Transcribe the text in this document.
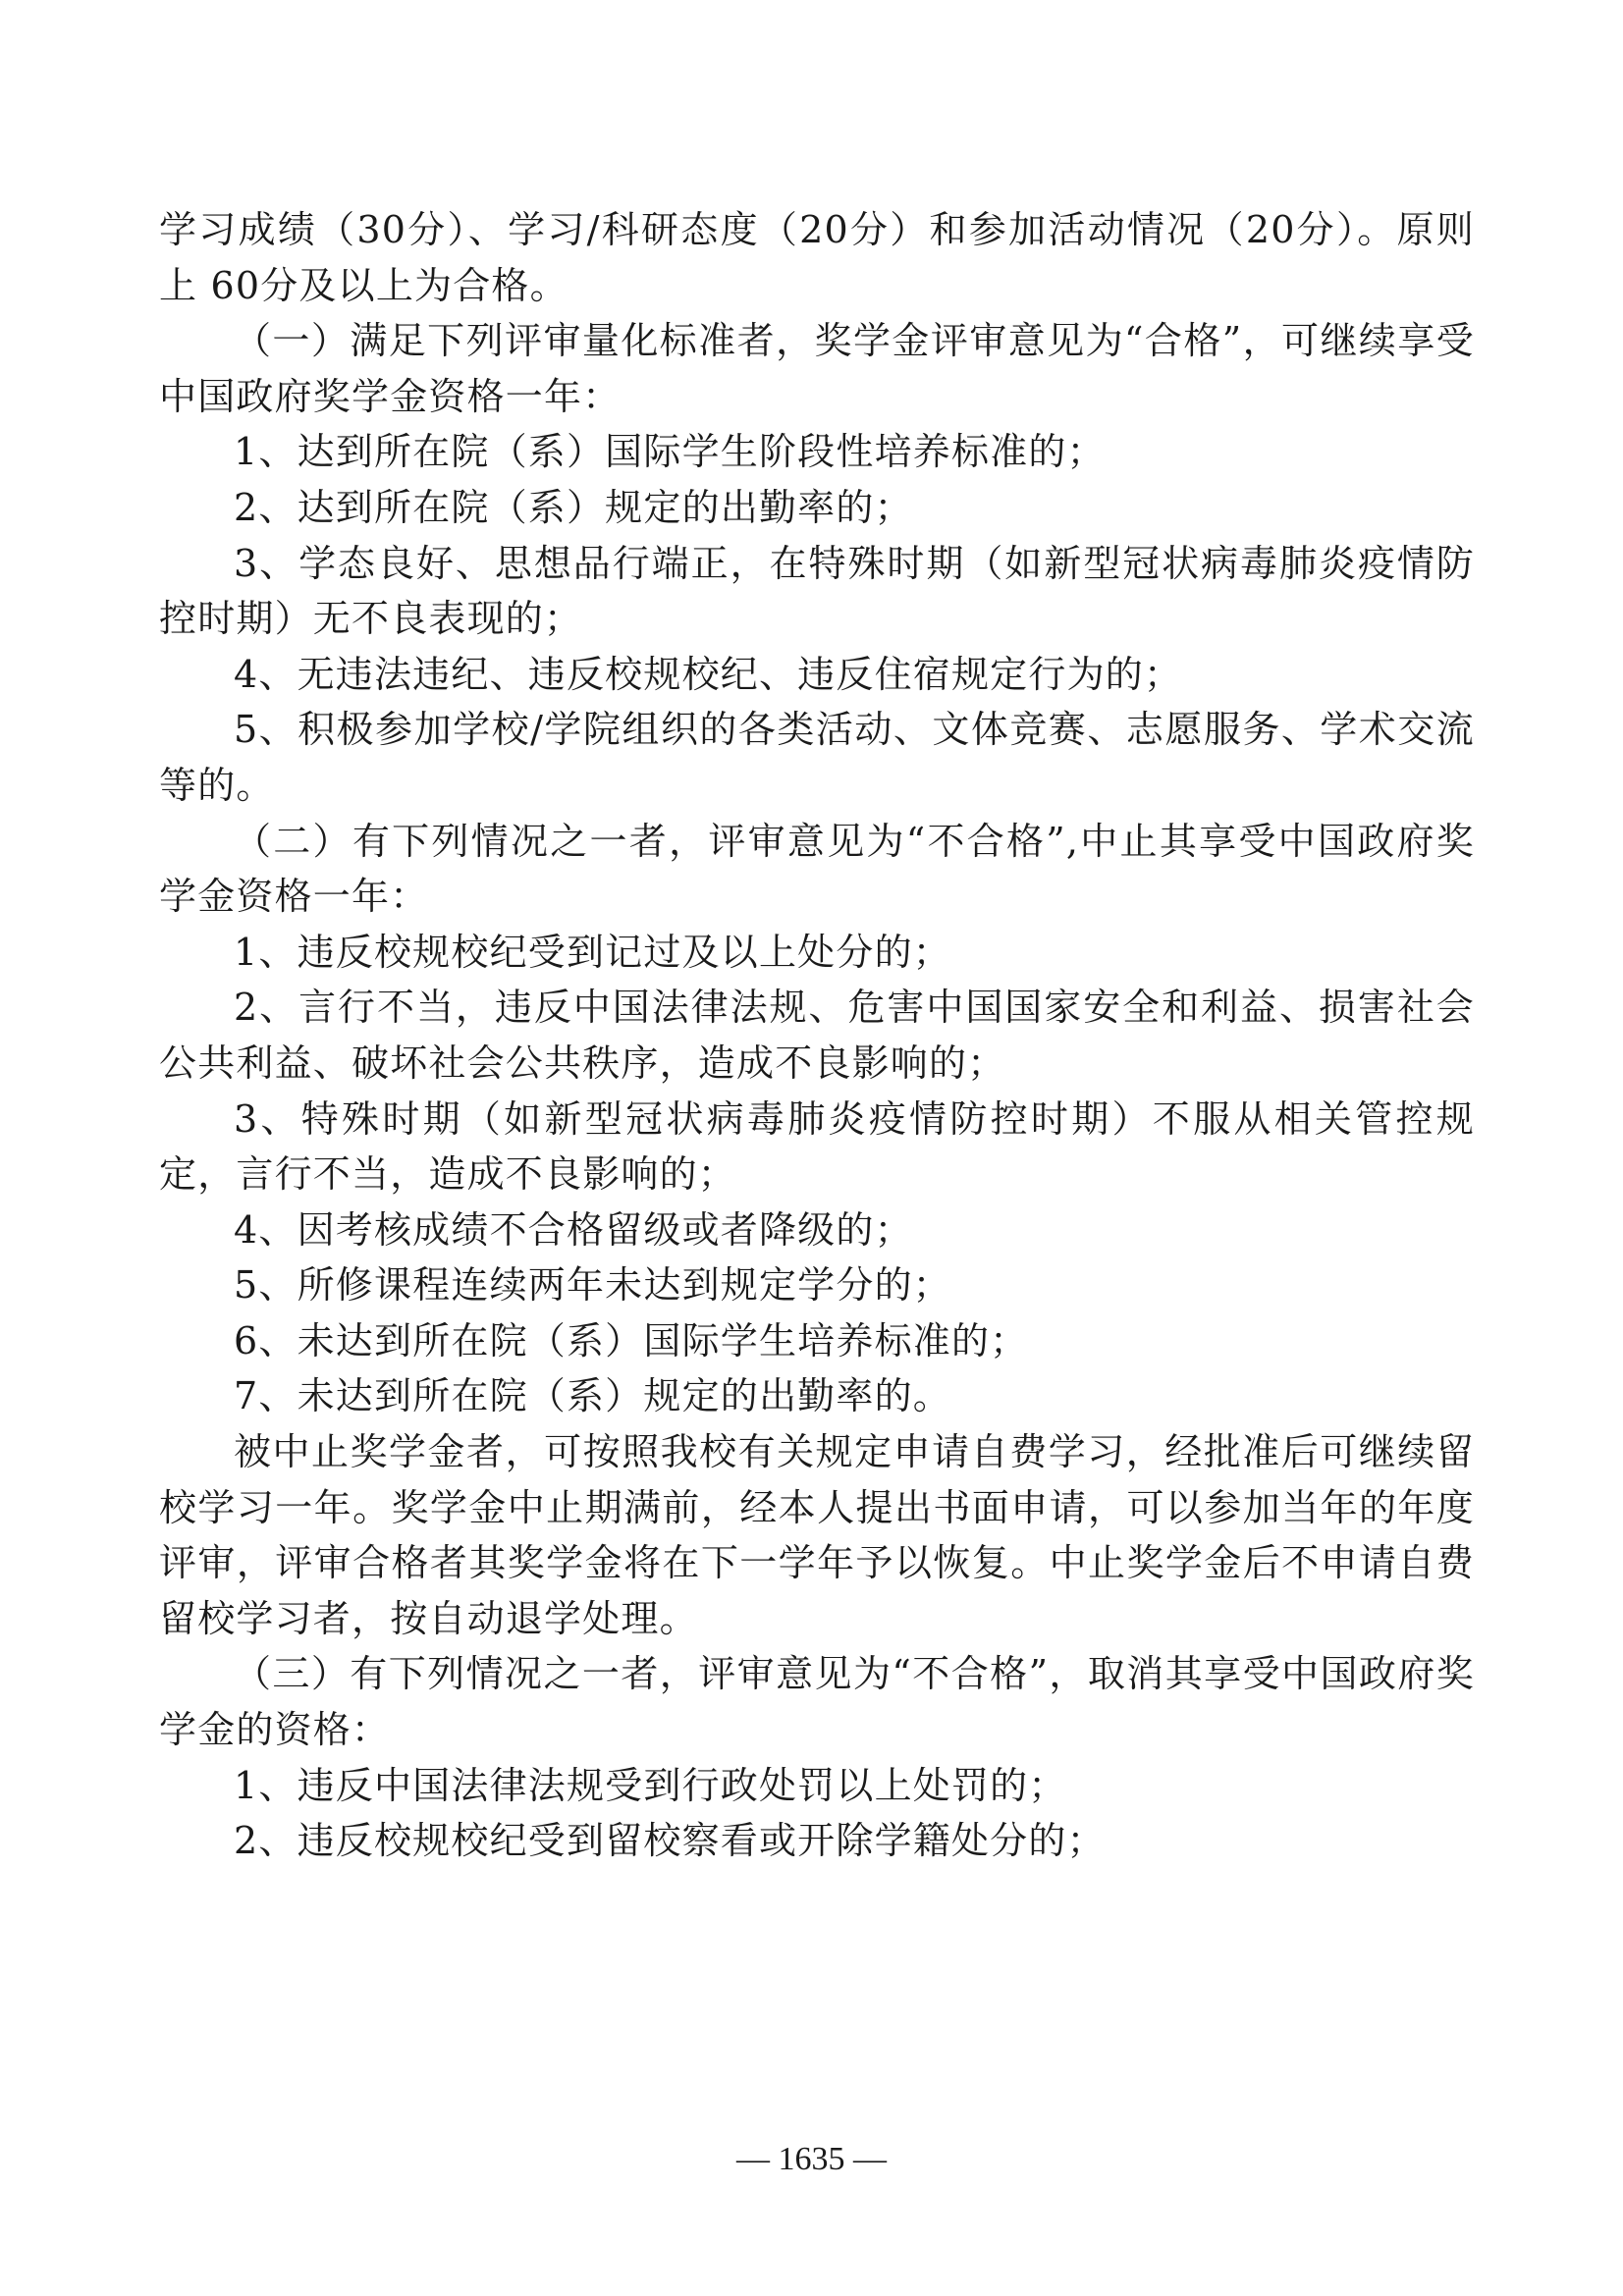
学习成绩（30分）、学习/科研态度（20分）和参加活动情况（20分）。原则上 60分及以上为合格。

（一）满足下列评审量化标准者，奖学金评审意见为“合格”，可继续享受中国政府奖学金资格一年：

1、达到所在院（系）国际学生阶段性培养标准的；

2、达到所在院（系）规定的出勤率的；

3、学态良好、思想品行端正，在特殊时期（如新型冠状病毒肺炎疫情防控时期）无不良表现的；

4、无违法违纪、违反校规校纪、违反住宿规定行为的；

5、积极参加学校/学院组织的各类活动、文体竞赛、志愿服务、学术交流等的。

（二）有下列情况之一者，评审意见为“不合格”,中止其享受中国政府奖学金资格一年：

1、违反校规校纪受到记过及以上处分的；

2、言行不当，违反中国法律法规、危害中国国家安全和利益、损害社会公共利益、破坏社会公共秩序，造成不良影响的；

3、特殊时期（如新型冠状病毒肺炎疫情防控时期）不服从相关管控规定，言行不当，造成不良影响的；

4、因考核成绩不合格留级或者降级的；

5、所修课程连续两年未达到规定学分的；

6、未达到所在院（系）国际学生培养标准的；

7、未达到所在院（系）规定的出勤率的。

被中止奖学金者，可按照我校有关规定申请自费学习，经批准后可继续留校学习一年。奖学金中止期满前，经本人提出书面申请，可以参加当年的年度评审，评审合格者其奖学金将在下一学年予以恢复。中止奖学金后不申请自费留校学习者，按自动退学处理。

（三）有下列情况之一者，评审意见为“不合格”，取消其享受中国政府奖学金的资格：

1、违反中国法律法规受到行政处罚以上处罚的；

2、违反校规校纪受到留校察看或开除学籍处分的；

— 1635 —
